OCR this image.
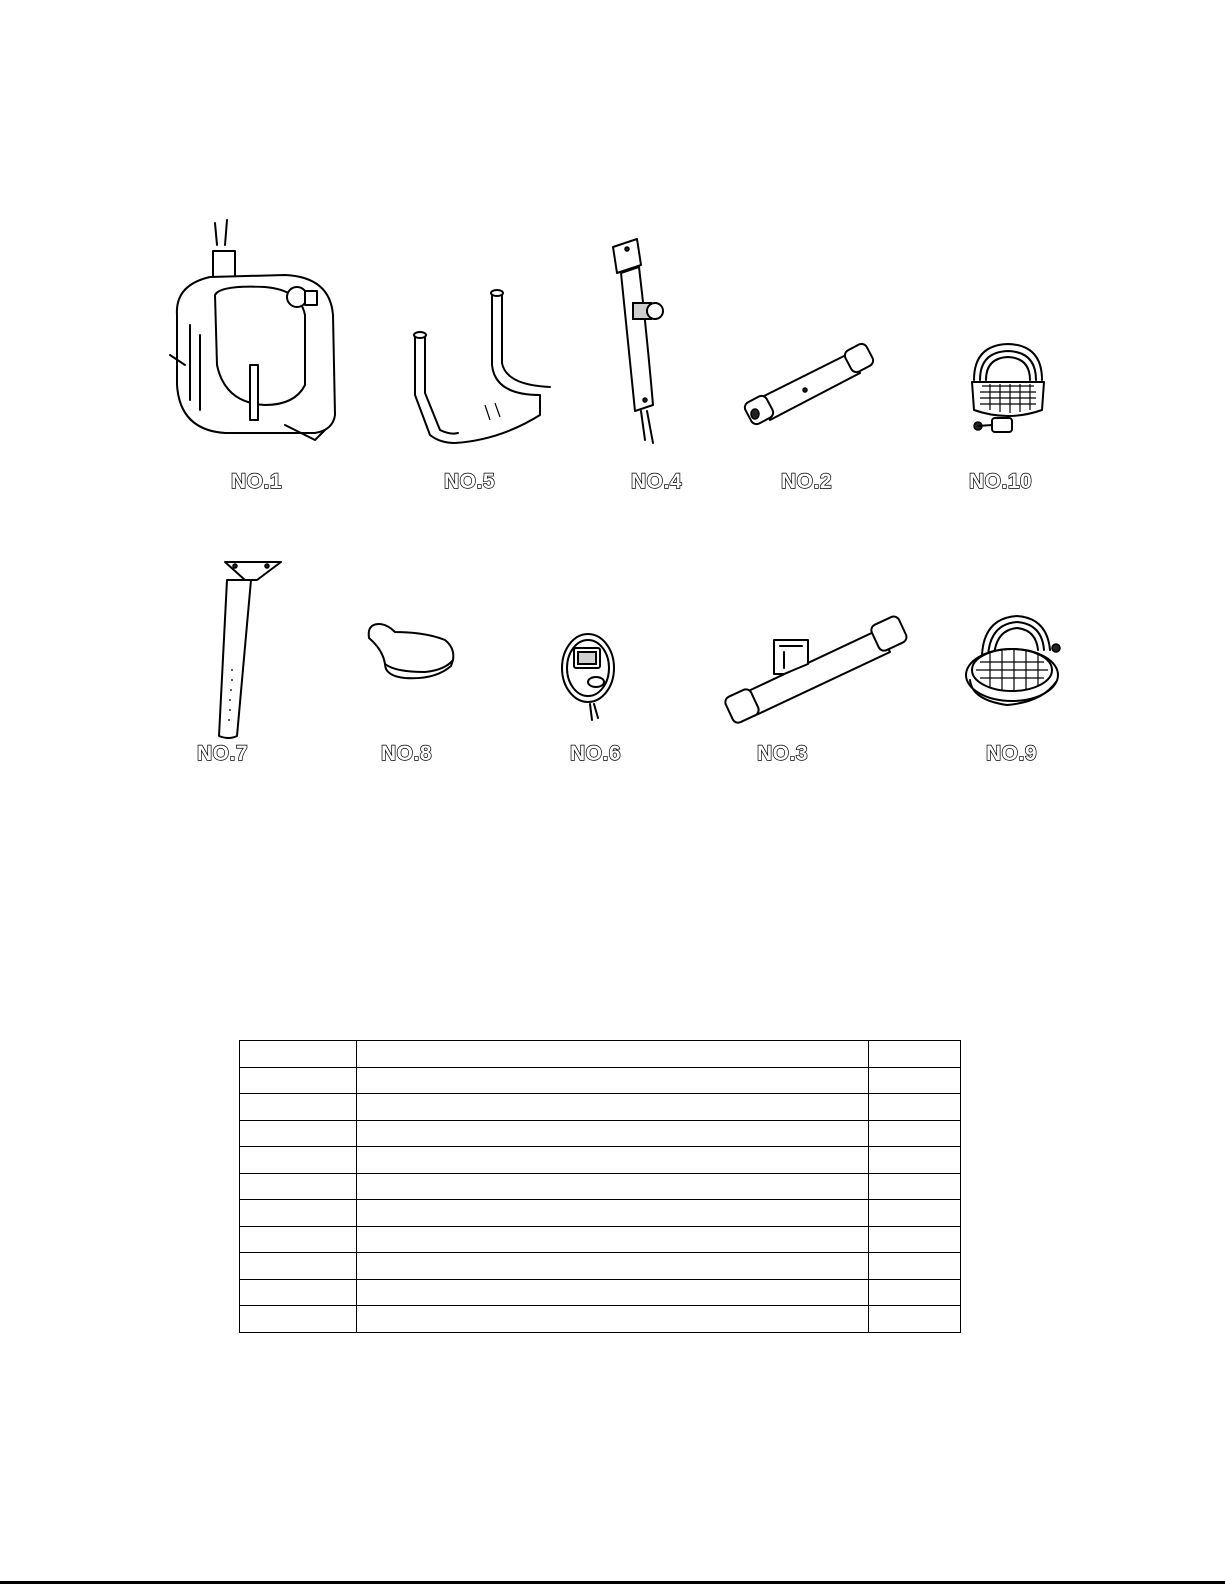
NO.1	NO.5	NO.4	NO.2	NO.10
NO.7	NO.8	NO.6	NO.3	NO.9
